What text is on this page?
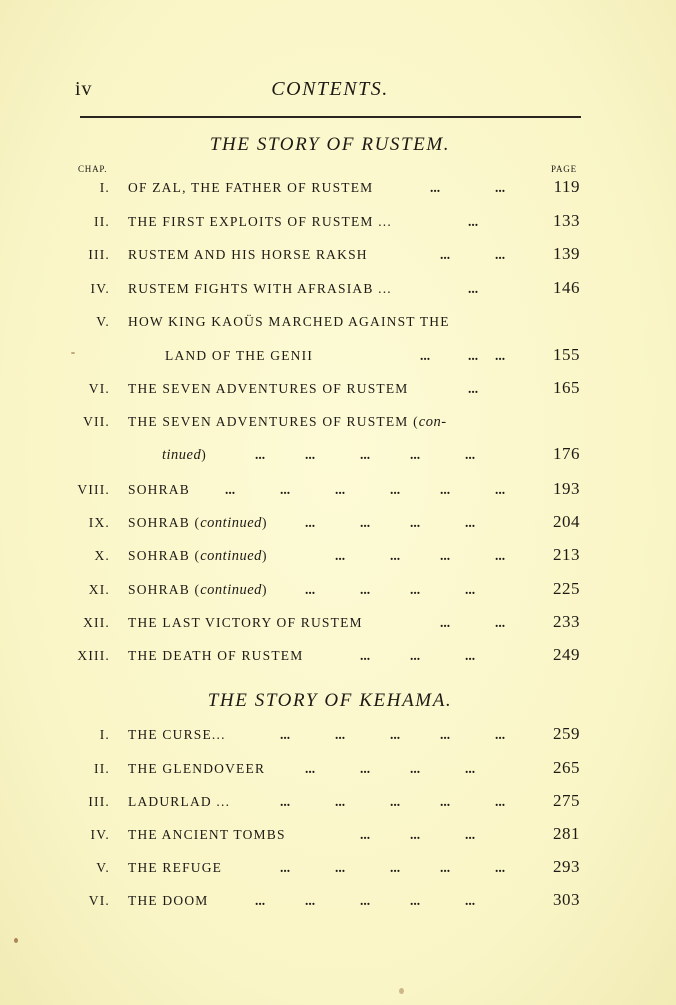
iv	CONTENTS.
THE STORY OF RUSTEM.
CHAP.	PAGE
I. OF ZAL, THE FATHER OF RUSTEM	...	...	119
II. THE FIRST EXPLOITS OF RUSTEM ...	...	133
III. RUSTEM AND HIS HORSE RAKSH	...	...	139
IV. RUSTEM FIGHTS WITH AFRASIAB ...	...	146
V. HOW KING KAOÜS MARCHED AGAINST THE
LAND OF THE GENII	...	... ...	155
VI. THE SEVEN ADVENTURES OF RUSTEM	...	165
VII. THE SEVEN ADVENTURES OF RUSTEM (con-
tinued)	...	...	...	...	...	176
VIII. SOHRAB	...	...	...	...	...	...	193
IX. SOHRAB (continued)	...	...	...	...	204
X. SOHRAB (continued)	...	...	...	...	213
XI. SOHRAB (continued)	...	...	...	...	225
XII. THE LAST VICTORY OF RUSTEM	...	...	233
XIII. THE DEATH OF RUSTEM	...	...	...	249
I. THE CURSE...	...	...	...	...	...	259
II. THE GLENDOVEER	...	...	...	...	265
III. LADURLAD ...	...	...	...	...	...	275
IV. THE ANCIENT TOMBS	...	...	...	281
V. THE REFUGE	...	...	...	...	...	293
VI. THE DOOM	...	...	...	...	...	303
THE STORY OF KEHAMA.
